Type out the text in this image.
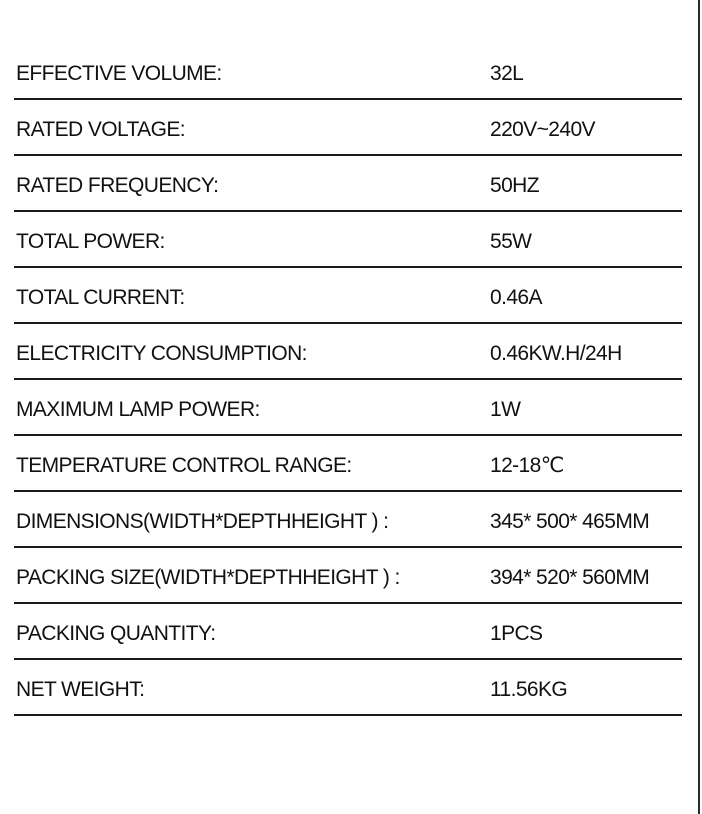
EFFECTIVE VOLUME:	32L
RATED VOLTAGE:	220V~240V
RATED FREQUENCY:	50HZ
TOTAL POWER:	55W
TOTAL CURRENT:	0.46A
ELECTRICITY CONSUMPTION:	0.46KW.H/24H
MAXIMUM LAMP POWER:	1W
TEMPERATURE CONTROL RANGE:	12-18℃
DIMENSIONS(WIDTH*DEPTHHEIGHT ) :	345* 500* 465MM
PACKING SIZE(WIDTH*DEPTHHEIGHT ) :	394* 520* 560MM
PACKING QUANTITY:	1PCS
NET WEIGHT:	11.56KG
